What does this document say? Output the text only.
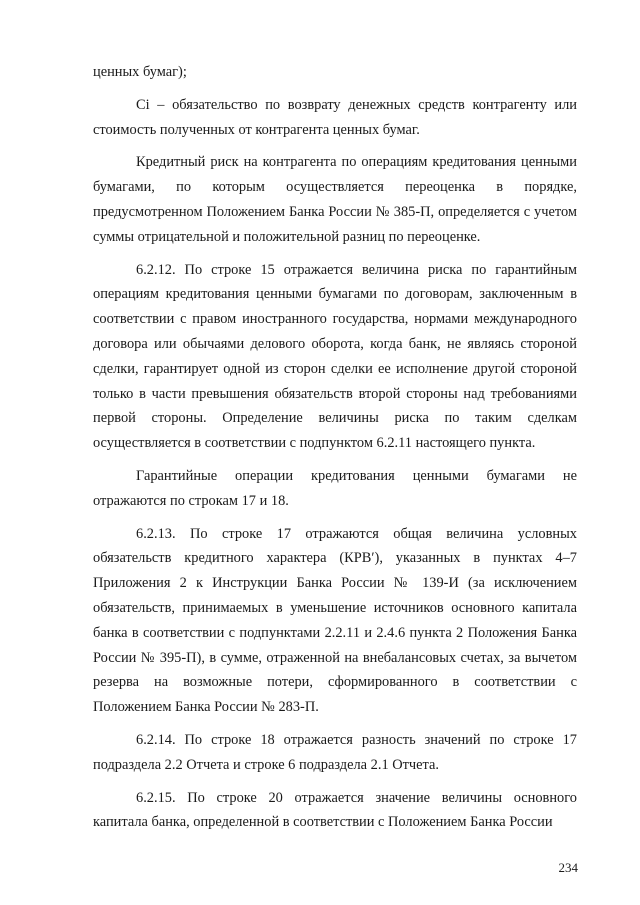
ценных бумаг);

Ci – обязательство по возврату денежных средств контрагенту или стоимость полученных от контрагента ценных бумаг.

Кредитный риск на контрагента по операциям кредитования ценными бумагами, по которым осуществляется переоценка в порядке, предусмотренном Положением Банка России № 385-П, определяется с учетом суммы отрицательной и положительной разниц по переоценке.

6.2.12. По строке 15 отражается величина риска по гарантийным операциям кредитования ценными бумагами по договорам, заключенным в соответствии с правом иностранного государства, нормами международного договора или обычаями делового оборота, когда банк, не являясь стороной сделки, гарантирует одной из сторон сделки ее исполнение другой стороной только в части превышения обязательств второй стороны над требованиями первой стороны. Определение величины риска по таким сделкам осуществляется в соответствии с подпунктом 6.2.11 настоящего пункта.

Гарантийные операции кредитования ценными бумагами не отражаются по строкам 17 и 18.

6.2.13. По строке 17 отражаются общая величина условных обязательств кредитного характера (КРВ′), указанных в пунктах 4–7 Приложения 2 к Инструкции Банка России № 139-И (за исключением обязательств, принимаемых в уменьшение источников основного капитала банка в соответствии с подпунктами 2.2.11 и 2.4.6 пункта 2 Положения Банка России № 395-П), в сумме, отраженной на внебалансовых счетах, за вычетом резерва на возможные потери, сформированного в соответствии с Положением Банка России № 283-П.

6.2.14. По строке 18 отражается разность значений по строке 17 подраздела 2.2 Отчета и строке 6 подраздела 2.1 Отчета.

6.2.15. По строке 20 отражается значение величины основного капитала банка, определенной в соответствии с Положением Банка России

234
